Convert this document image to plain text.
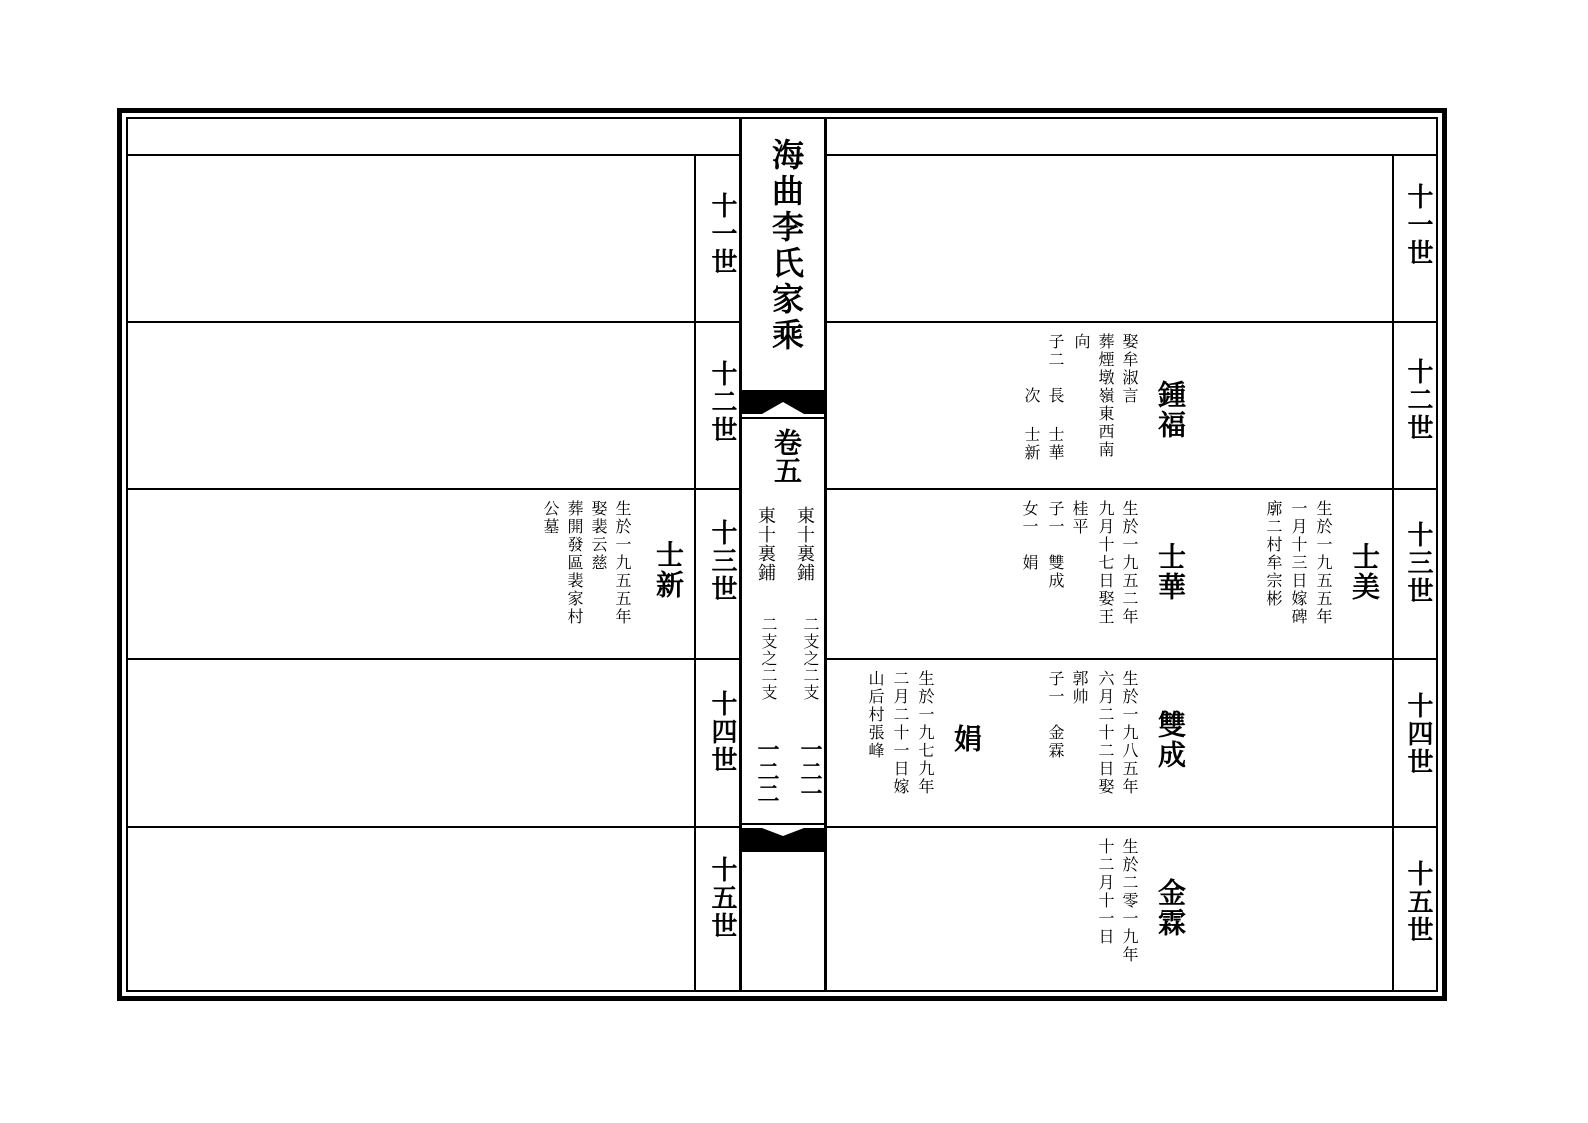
十一世
十二世
十三世
十四世
十五世
十一世
十二世
十三世
十四世
十五世
海曲李氏家乘
卷五
東十裏鋪
東十裏鋪
二支之二支
二支之二支
一二一
一二二
士新
生於一九五五年
娶裴云慈
葬開發區裴家村
公墓
鍾福
娶牟淑言
葬煙墩嶺東西南
向
子二　長 士華
　　　次 士新
士美
生於一九五五年
一月十三日嫁碑
廓二村牟宗彬
士華
生於一九五二年
九月十七日娶王
桂平
子一　雙成
女一　娟
雙成
生於一九八五年
六月二十二日娶
郭帅
子一　金霖
娟
生於一九七九年
二月二十一日嫁
山后村張峰
金霖
生於二零一九年
十二月十一日
